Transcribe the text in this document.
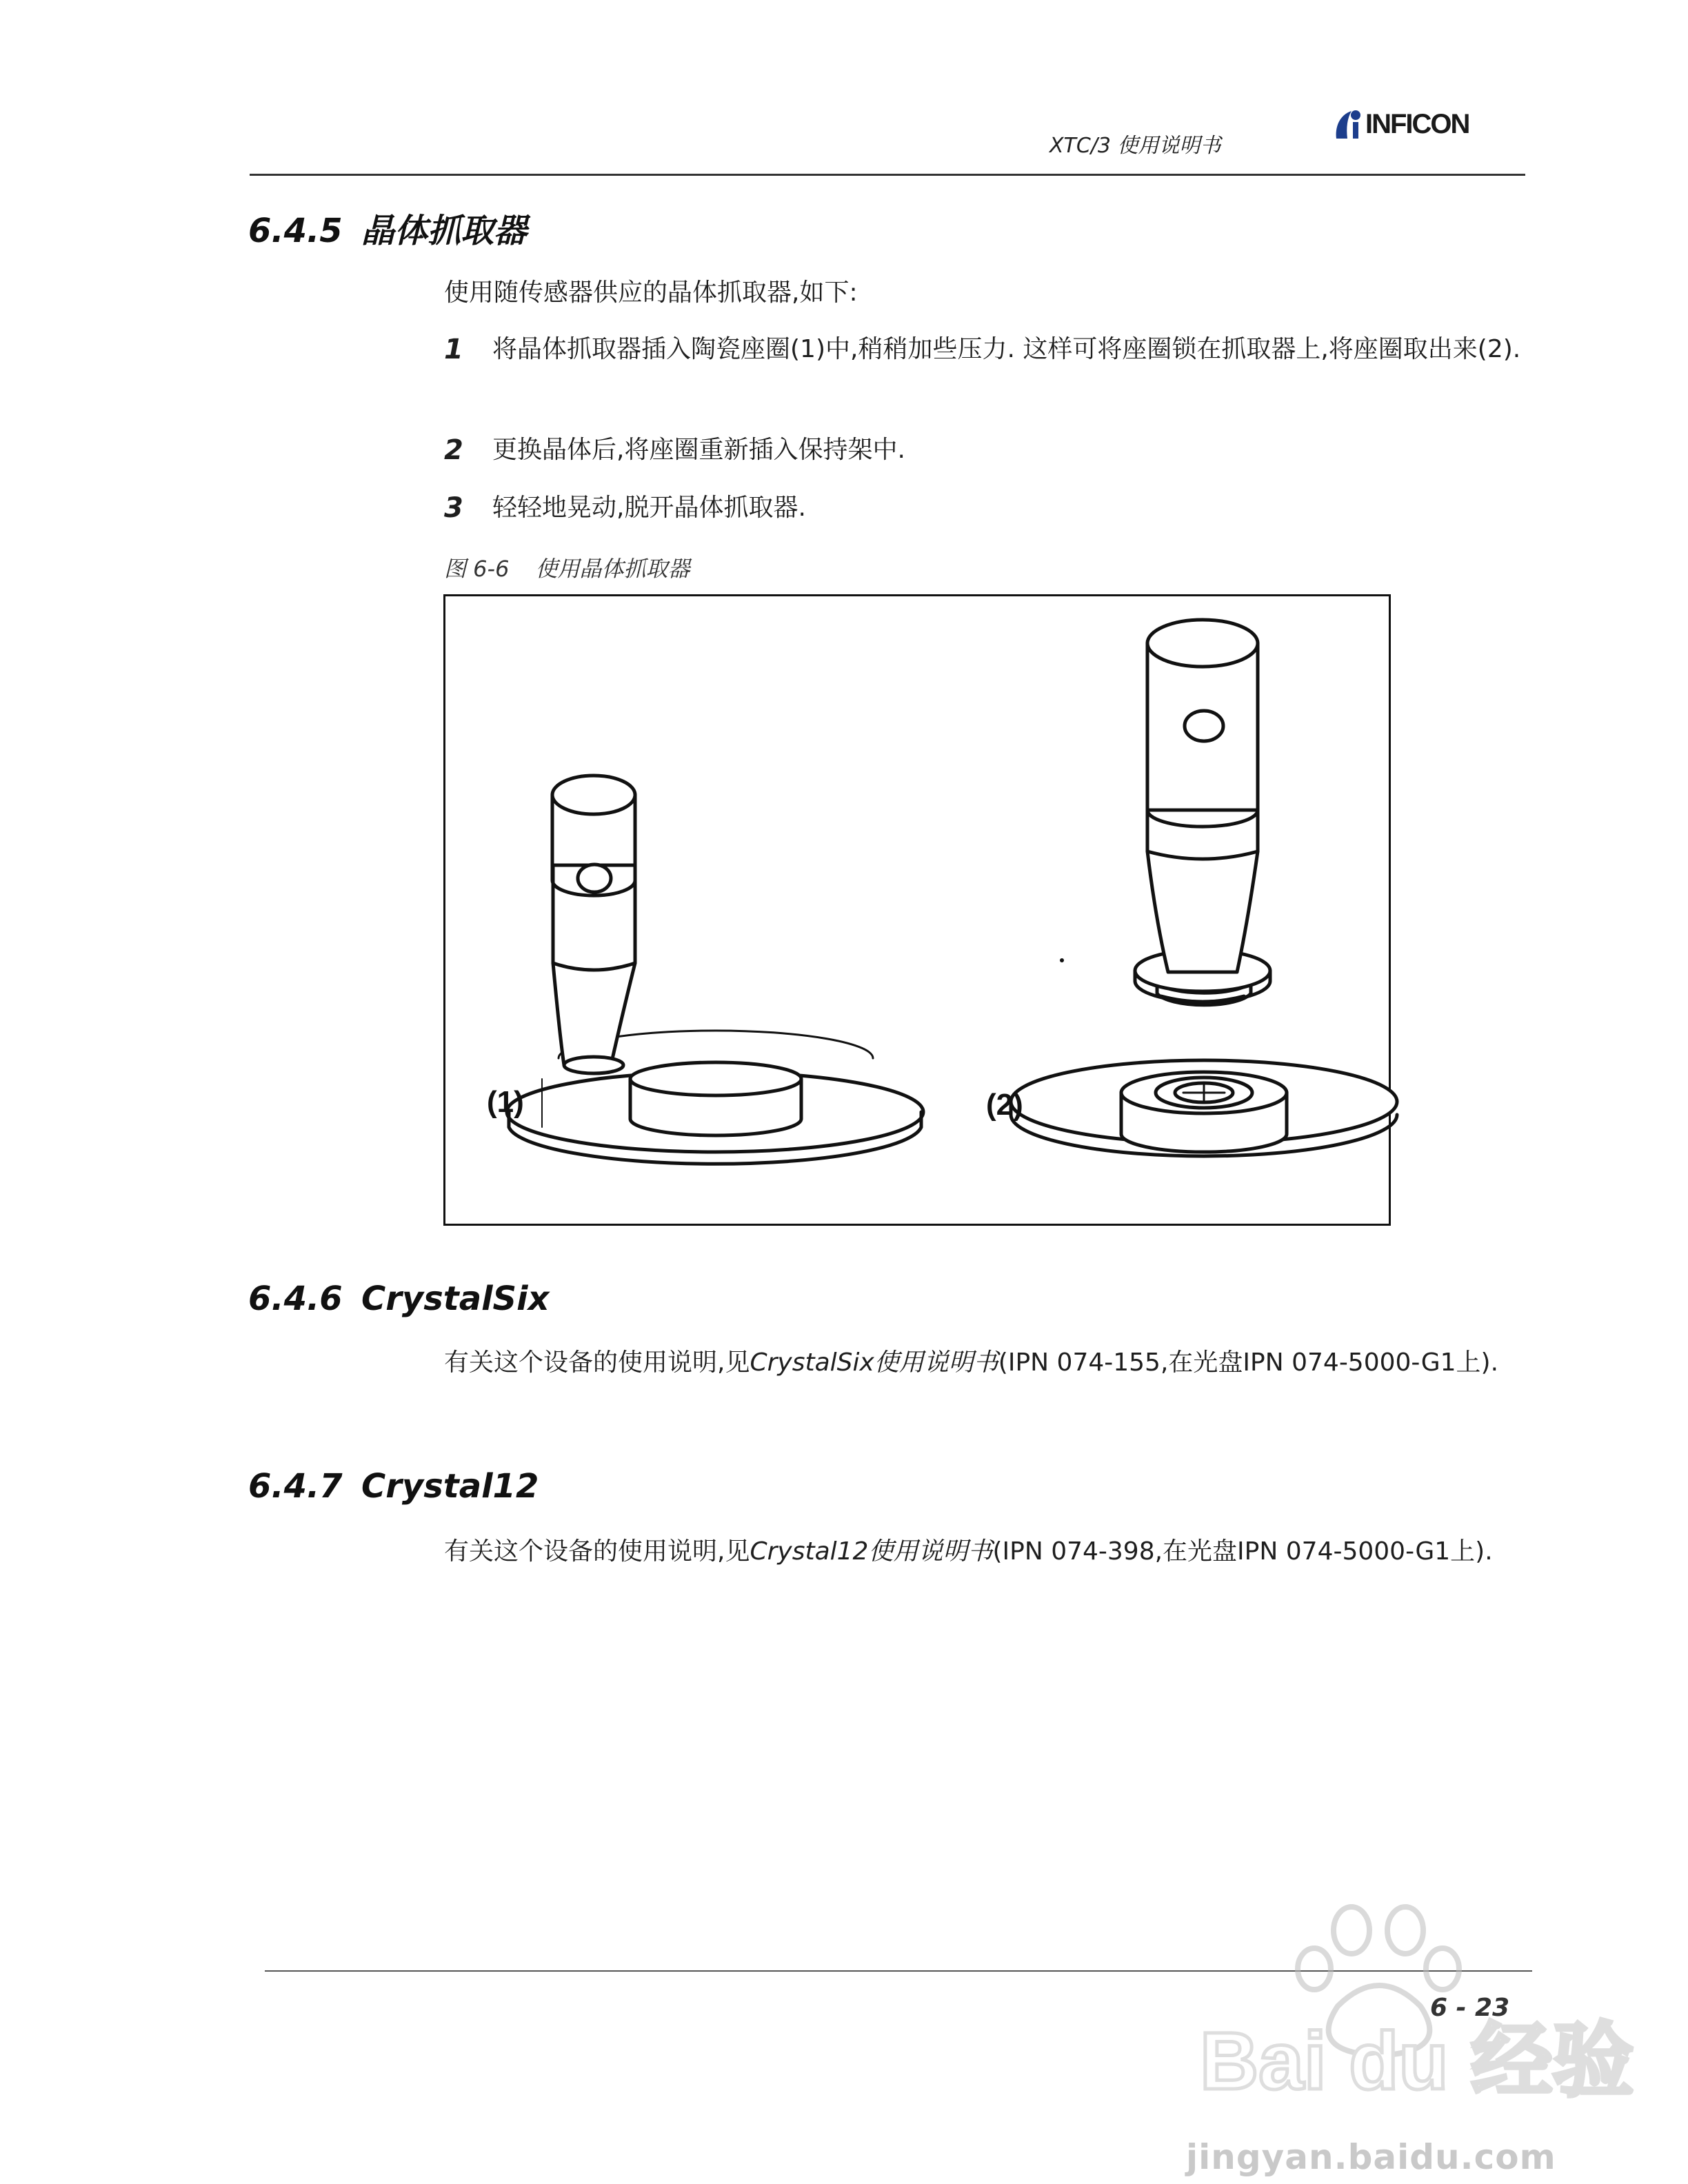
XTC/3 使用说明书
INFICON
6.4.5 晶体抓取器
使用随传感器供应的晶体抓取器,如下:
1 将晶体抓取器插入陶瓷座圈(1)中,稍稍加些压力. 这样可将座圈锁在抓取器上,将座圈取出来(2).
2 更换晶体后,将座圈重新插入保持架中.
3 轻轻地晃动,脱开晶体抓取器.
图 6-6 使用晶体抓取器
(1)	(2)
6.4.6 CrystalSix
有关这个设备的使用说明,见CrystalSix使用说明书(IPN 074-155,在光盘IPN 074-5000-G1上).
6.4.7 Crystal12
有关这个设备的使用说明,见Crystal12使用说明书(IPN 074-398,在光盘IPN 074-5000-G1上).
Bai du 经验
6 - 23
jingyan.baidu.com
